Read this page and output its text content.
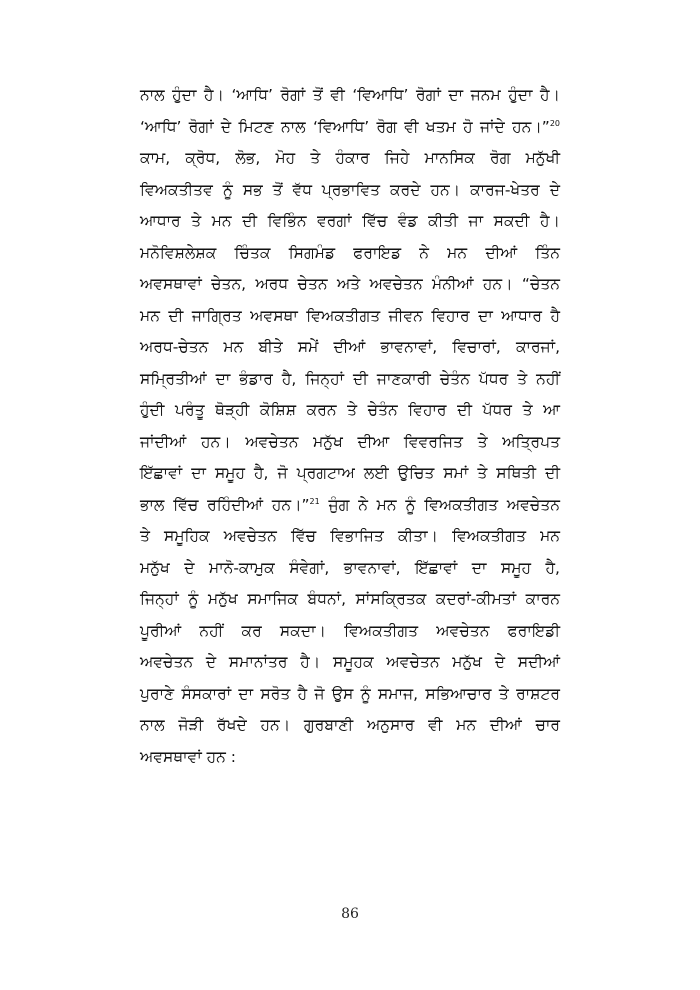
ਨਾਲ ਹੁੰਦਾ ਹੈ। ‘ਆਧਿ’ ਰੋਗਾਂ ਤੋਂ ਵੀ ‘ਵਿਆਧਿ’ ਰੋਗਾਂ ਦਾ ਜਨਮ ਹੁੰਦਾ ਹੈ।
‘ਆਧਿ’ ਰੋਗਾਂ ਦੇ ਮਿਟਣ ਨਾਲ ‘ਵਿਆਧਿ’ ਰੋਗ ਵੀ ਖਤਮ ਹੋ ਜਾਂਦੇ ਹਨ।”$^{20}$
ਕਾਮ, ਕ੍ਰੋਧ, ਲੋਭ, ਮੋਹ ਤੇ ਹੰਕਾਰ ਜਿਹੇ ਮਾਨਸਿਕ ਰੋਗ ਮਨੁੱਖੀ
ਵਿਅਕਤੀਤਵ ਨੂੰ ਸਭ ਤੋਂ ਵੱਧ ਪ੍ਰਭਾਵਿਤ ਕਰਦੇ ਹਨ। ਕਾਰਜ-ਖੇਤਰ ਦੇ
ਆਧਾਰ ਤੇ ਮਨ ਦੀ ਵਿਭਿੰਨ ਵਰਗਾਂ ਵਿੱਚ ਵੰਡ ਕੀਤੀ ਜਾ ਸਕਦੀ ਹੈ।
ਮਨੋਵਿਸ਼ਲੇਸ਼ਕ ਚਿੰਤਕ ਸਿਗਮੰਡ ਫਰਾਇਡ ਨੇ ਮਨ ਦੀਆਂ ਤਿੰਨ
ਅਵਸਥਾਵਾਂ ਚੇਤਨ, ਅਰਧ ਚੇਤਨ ਅਤੇ ਅਵਚੇਤਨ ਮੰਨੀਆਂ ਹਨ। “ਚੇਤਨ
ਮਨ ਦੀ ਜਾਗ੍ਰਿਤ ਅਵਸਥਾ ਵਿਅਕਤੀਗਤ ਜੀਵਨ ਵਿਹਾਰ ਦਾ ਆਧਾਰ ਹੈ
ਅਰਧ-ਚੇਤਨ ਮਨ ਬੀਤੇ ਸਮੇਂ ਦੀਆਂ ਭਾਵਨਾਵਾਂ, ਵਿਚਾਰਾਂ, ਕਾਰਜਾਂ,
ਸਮ੍ਰਿਤੀਆਂ ਦਾ ਭੰਡਾਰ ਹੈ, ਜਿਨ੍ਹਾਂ ਦੀ ਜਾਣਕਾਰੀ ਚੇਤੰਨ ਪੱਧਰ ਤੇ ਨਹੀਂ
ਹੁੰਦੀ ਪਰੰਤੂ ਥੋੜ੍ਹੀ ਕੋਸ਼ਿਸ਼ ਕਰਨ ਤੇ ਚੇਤੰਨ ਵਿਹਾਰ ਦੀ ਪੱਧਰ ਤੇ ਆ
ਜਾਂਦੀਆਂ ਹਨ। ਅਵਚੇਤਨ ਮਨੁੱਖ ਦੀਆ ਵਿਵਰਜਿਤ ਤੇ ਅਤ੍ਰਿਪਤ
ਇੱਛਾਵਾਂ ਦਾ ਸਮੂਹ ਹੈ, ਜੋ ਪ੍ਰਗਟਾਅ ਲਈ ਉਚਿਤ ਸਮਾਂ ਤੇ ਸਥਿਤੀ ਦੀ
ਭਾਲ ਵਿੱਚ ਰਹਿੰਦੀਆਂ ਹਨ।”$^{21}$ ਜੁੰਗ ਨੇ ਮਨ ਨੂੰ ਵਿਅਕਤੀਗਤ ਅਵਚੇਤਨ
ਤੇ ਸਮੂਹਿਕ ਅਵਚੇਤਨ ਵਿੱਚ ਵਿਭਾਜਿਤ ਕੀਤਾ। ਵਿਅਕਤੀਗਤ ਮਨ
ਮਨੁੱਖ ਦੇ ਮਾਨੋ-ਕਾਮੁਕ ਸੰਵੇਗਾਂ, ਭਾਵਨਾਵਾਂ, ਇੱਛਾਵਾਂ ਦਾ ਸਮੂਹ ਹੈ,
ਜਿਨ੍ਹਾਂ ਨੂੰ ਮਨੁੱਖ ਸਮਾਜਿਕ ਬੰਧਨਾਂ, ਸਾਂਸਕ੍ਰਿਤਕ ਕਦਰਾਂ-ਕੀਮਤਾਂ ਕਾਰਨ
ਪੂਰੀਆਂ ਨਹੀਂ ਕਰ ਸਕਦਾ। ਵਿਅਕਤੀਗਤ ਅਵਚੇਤਨ ਫਰਾਇਡੀ
ਅਵਚੇਤਨ ਦੇ ਸਮਾਨਾਂਤਰ ਹੈ। ਸਮੂਹਕ ਅਵਚੇਤਨ ਮਨੁੱਖ ਦੇ ਸਦੀਆਂ
ਪੁਰਾਣੇ ਸੰਸਕਾਰਾਂ ਦਾ ਸਰੋਤ ਹੈ ਜੋ ਉਸ ਨੂੰ ਸਮਾਜ, ਸਭਿਆਚਾਰ ਤੇ ਰਾਸ਼ਟਰ
ਨਾਲ ਜੋੜੀ ਰੱਖਦੇ ਹਨ। ਗੁਰਬਾਣੀ ਅਨੁਸਾਰ ਵੀ ਮਨ ਦੀਆਂ ਚਾਰ
ਅਵਸਥਾਵਾਂ ਹਨ :
86
